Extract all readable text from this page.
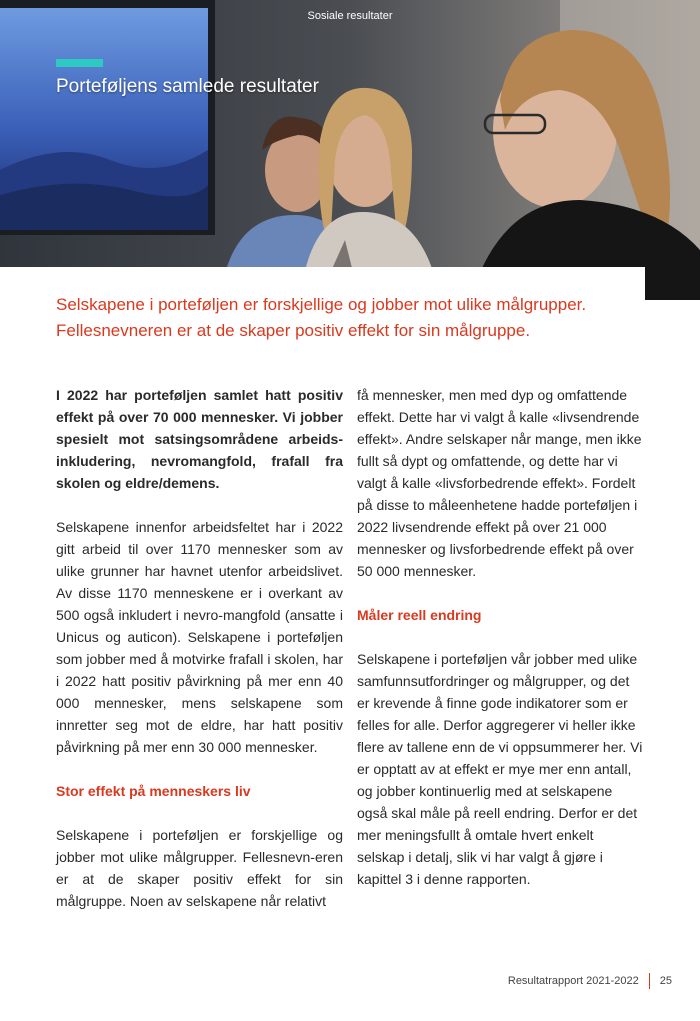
Sosiale resultater
Porteføljens samlede resultater
Selskapene i porteføljen er forskjellige og jobber mot ulike målgrupper. Fellesnevneren er at de skaper positiv effekt for sin målgruppe.

I 2022 har porteføljen samlet hatt positiv effekt på over 70 000 mennesker. Vi jobber spesielt mot satsingsområdene arbeids-inkludering, nevromangfold, frafall fra skolen og eldre/demens.

Selskapene innenfor arbeidsfeltet har i 2022 gitt arbeid til over 1170 mennesker som av ulike grunner har havnet utenfor arbeidslivet. Av disse 1170 menneskene er i overkant av 500 også inkludert i nevro-mangfold (ansatte i Unicus og auticon). Selskapene i porteføljen som jobber med å motvirke frafall i skolen, har i 2022 hatt positiv påvirkning på mer enn 40 000 mennesker, mens selskapene som innretter seg mot de eldre, har hatt positiv påvirkning på mer enn 30 000 mennesker.

Stor effekt på menneskers liv

Selskapene i porteføljen er forskjellige og jobber mot ulike målgrupper. Fellesnevn-eren er at de skaper positiv effekt for sin målgruppe. Noen av selskapene når relativt

få mennesker, men med dyp og omfattende effekt. Dette har vi valgt å kalle «livsendrende effekt». Andre selskaper når mange, men ikke fullt så dypt og omfattende, og dette har vi valgt å kalle «livsforbedrende effekt». Fordelt på disse to måleenhetene hadde porteføljen i 2022 livsendrende effekt på over 21 000 mennesker og livsforbedrende effekt på over 50 000 mennesker.

Måler reell endring

Selskapene i porteføljen vår jobber med ulike samfunnsutfordringer og målgrupper, og det er krevende å finne gode indikatorer som er felles for alle. Derfor aggregerer vi heller ikke flere av tallene enn de vi oppsummerer her. Vi er opptatt av at effekt er mye mer enn antall, og jobber kontinuerlig med at selskapene også skal måle på reell endring. Derfor er det mer meningsfullt å omtale hvert enkelt selskap i detalj, slik vi har valgt å gjøre i kapittel 3 i denne rapporten.

Resultatrapport 2021-2022 25
